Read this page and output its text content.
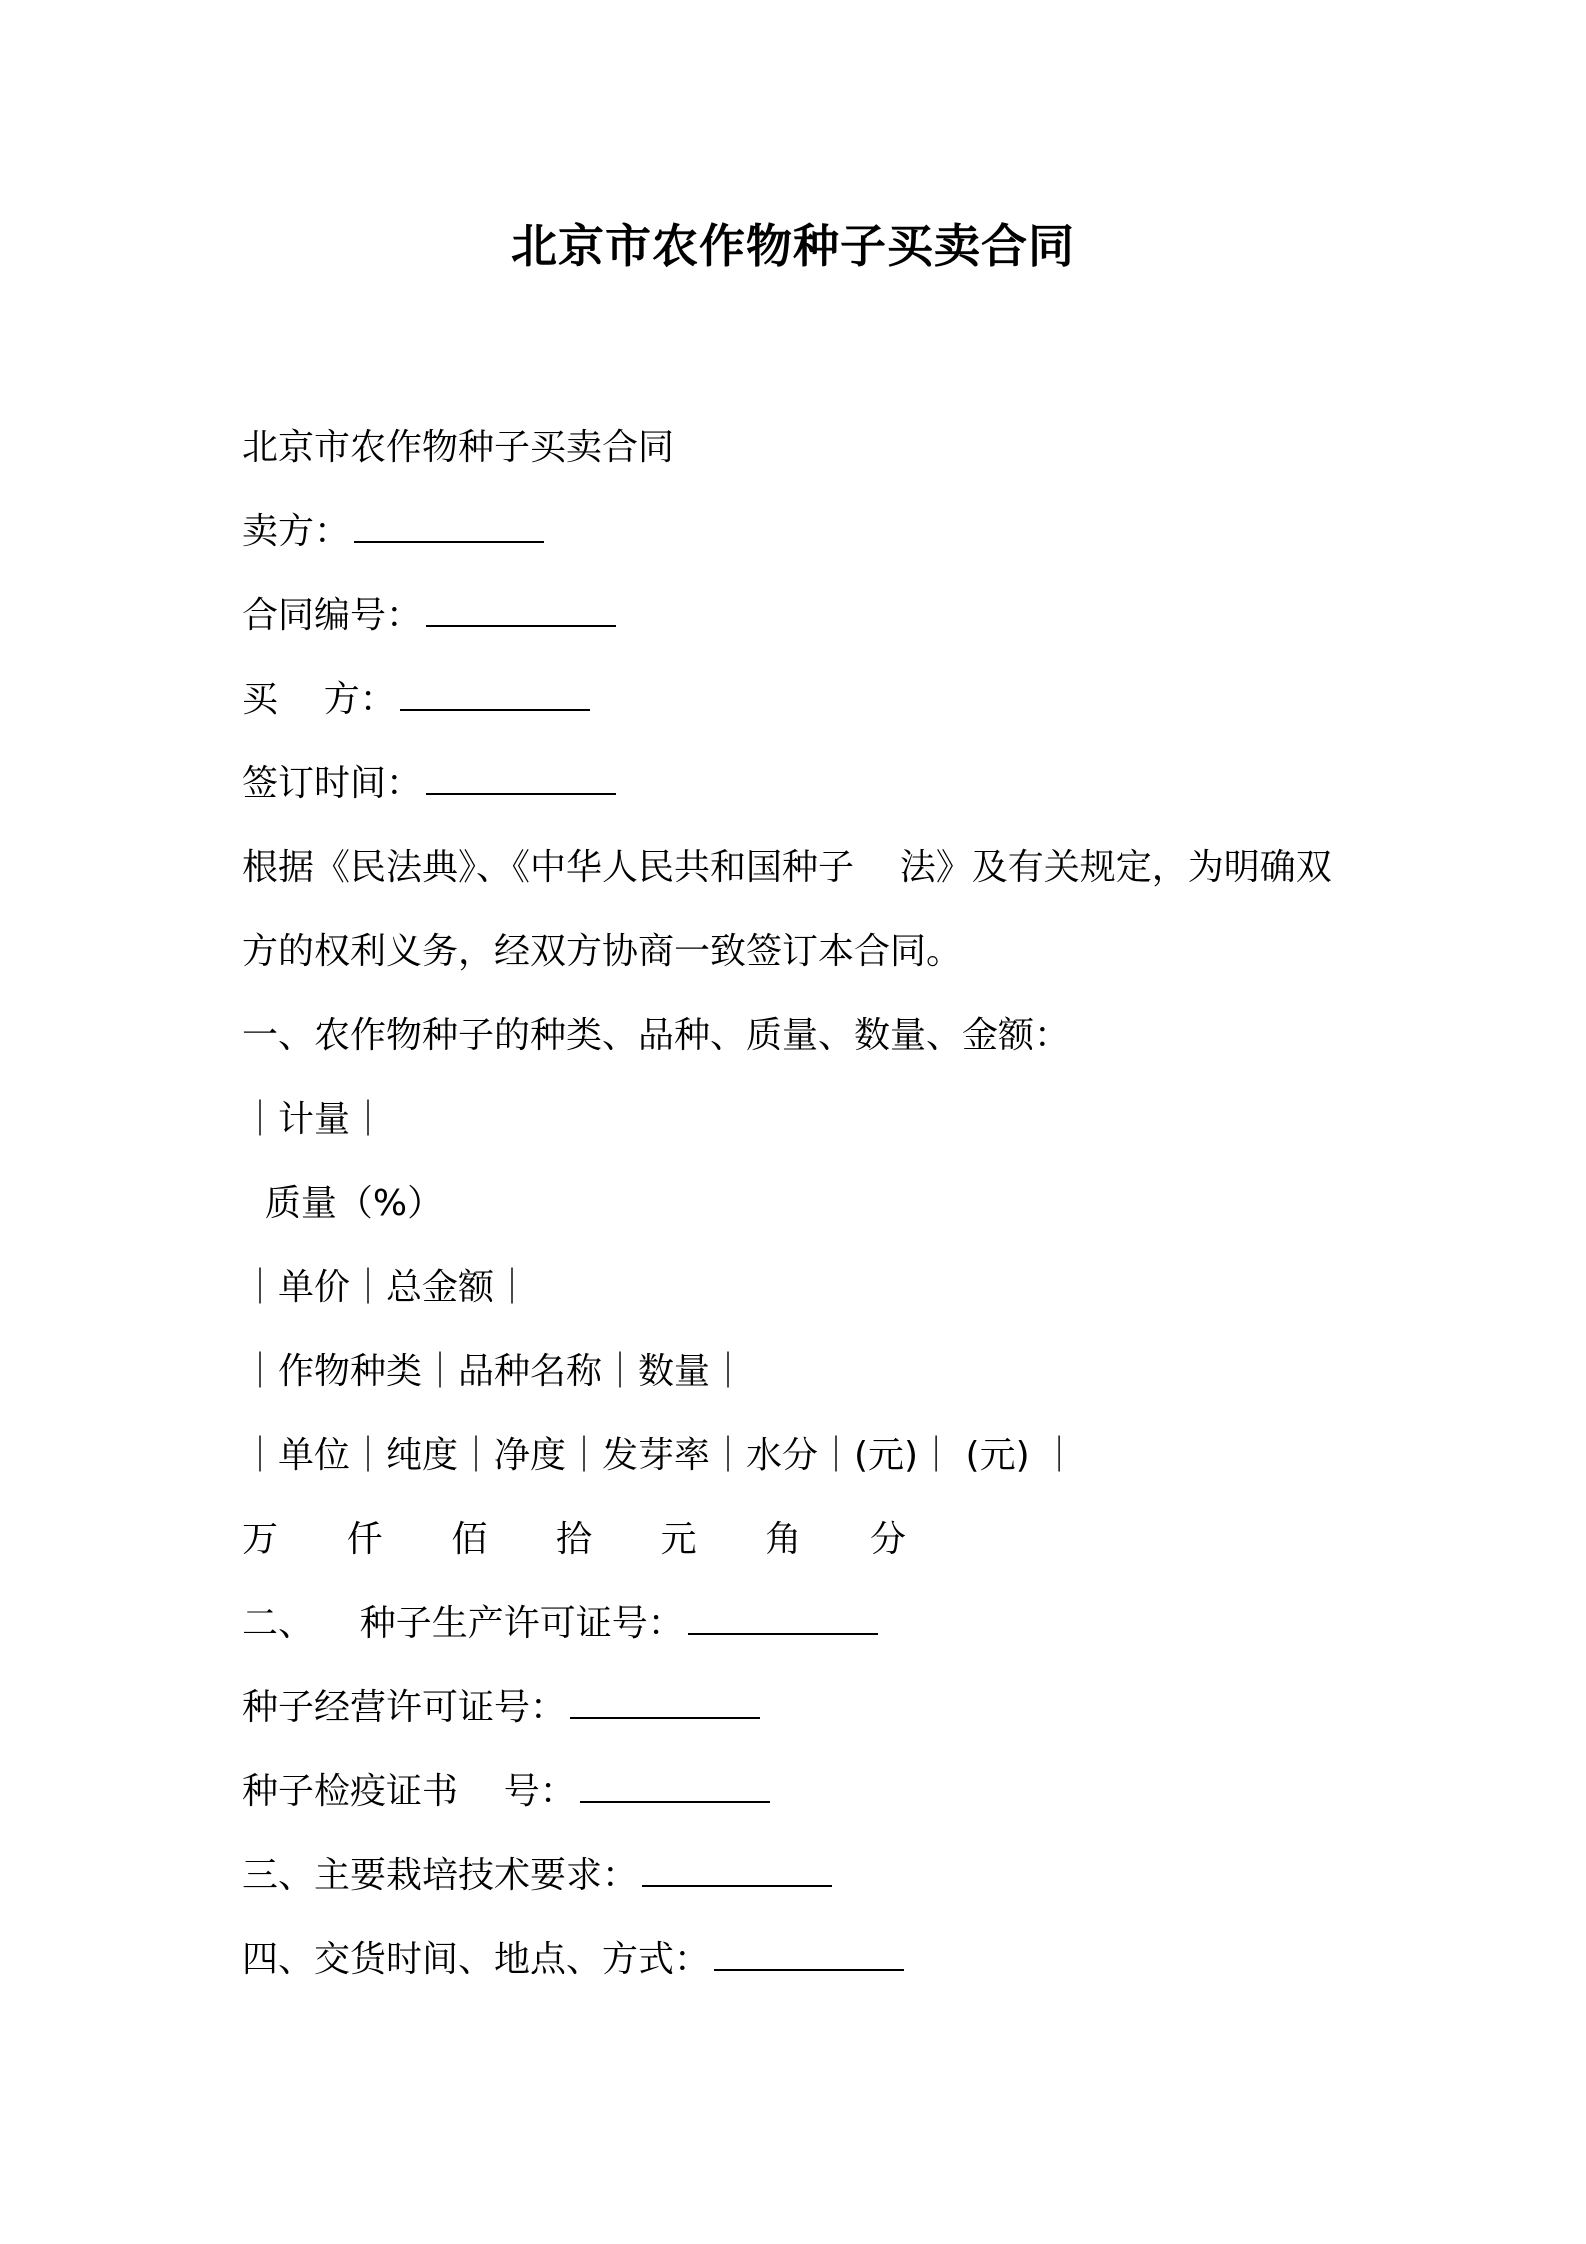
北京市农作物种子买卖合同

北京市农作物种子买卖合同

卖方：

合同编号：

买    方：

签订时间：

根据《民法典》、《中华人民共和国种子    法》及有关规定，为明确双

方的权利义务，经双方协商一致签订本合同。

一、农作物种子的种类、品种、质量、数量、金额：

｜计量｜

质量（%）

｜单价｜总金额｜

｜作物种类｜品种名称｜数量｜

｜单位｜纯度｜净度｜发芽率｜水分｜(元)｜ (元) ｜

万      仟      佰      拾      元      角      分

二、    种子生产许可证号：

种子经营许可证号：

种子检疫证书    号：

三、主要栽培技术要求：

四、交货时间、地点、方式：
